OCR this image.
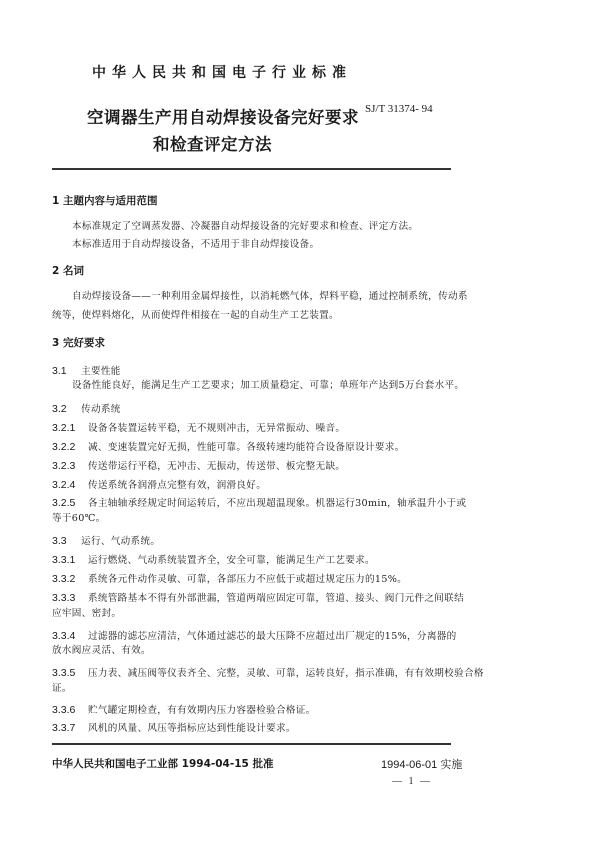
中华人民共和国电子行业标准
空调器生产用自动焊接设备完好要求
和检查评定方法
SJ/T 31374- 94
1 主题内容与适用范围
本标准规定了空调蒸发器、冷凝器自动焊接设备的完好要求和检查、评定方法。
本标准适用于自动焊接设备，不适用于非自动焊接设备。
2 名词
自动焊接设备——一种利用金属焊接性，以消耗燃气体，焊料平稳，通过控制系统，传动系
统等，使焊料熔化，从而使焊件相接在一起的自动生产工艺装置。
3 完好要求
3.1 主要性能
设备性能良好，能满足生产工艺要求；加工质量稳定、可靠；单班年产达到5万台套水平。
3.2 传动系统
3.2.1 设备各装置运转平稳，无不规则冲击，无异常振动、噪音。
3.2.2 减、变速装置完好无损，性能可靠。各级转速均能符合设备原设计要求。
3.2.3 传送带运行平稳，无冲击、无振动，传送带、板完整无缺。
3.2.4 传送系统各润滑点完整有效，润滑良好。
3.2.5 各主轴轴承经规定时间运转后，不应出现超温现象。机器运行30min，轴承温升小于或
等于60℃。
3.3 运行、气动系统。
3.3.1 运行燃烧、气动系统装置齐全，安全可靠，能满足生产工艺要求。
3.3.2 系统各元件动作灵敏、可靠，各部压力不应低于或超过规定压力的15%。
3.3.3 系统管路基本不得有外部泄漏，管道两端应固定可靠，管道、接头、阀门元件之间联结
应牢固、密封。
3.3.4 过滤器的滤芯应清洁，气体通过滤芯的最大压降不应超过出厂规定的15%，分离器的
放水阀应灵活、有效。
3.3.5 压力表、减压阀等仪表齐全、完整，灵敏、可靠，运转良好，指示准确，有有效期校验合格
证。
3.3.6 贮气罐定期检查，有有效期内压力容器检验合格证。
3.3.7 风机的风量、风压等指标应达到性能设计要求。
中华人民共和国电子工业部 1994-04-15 批准	1994-06-01 实施
— 1 —
